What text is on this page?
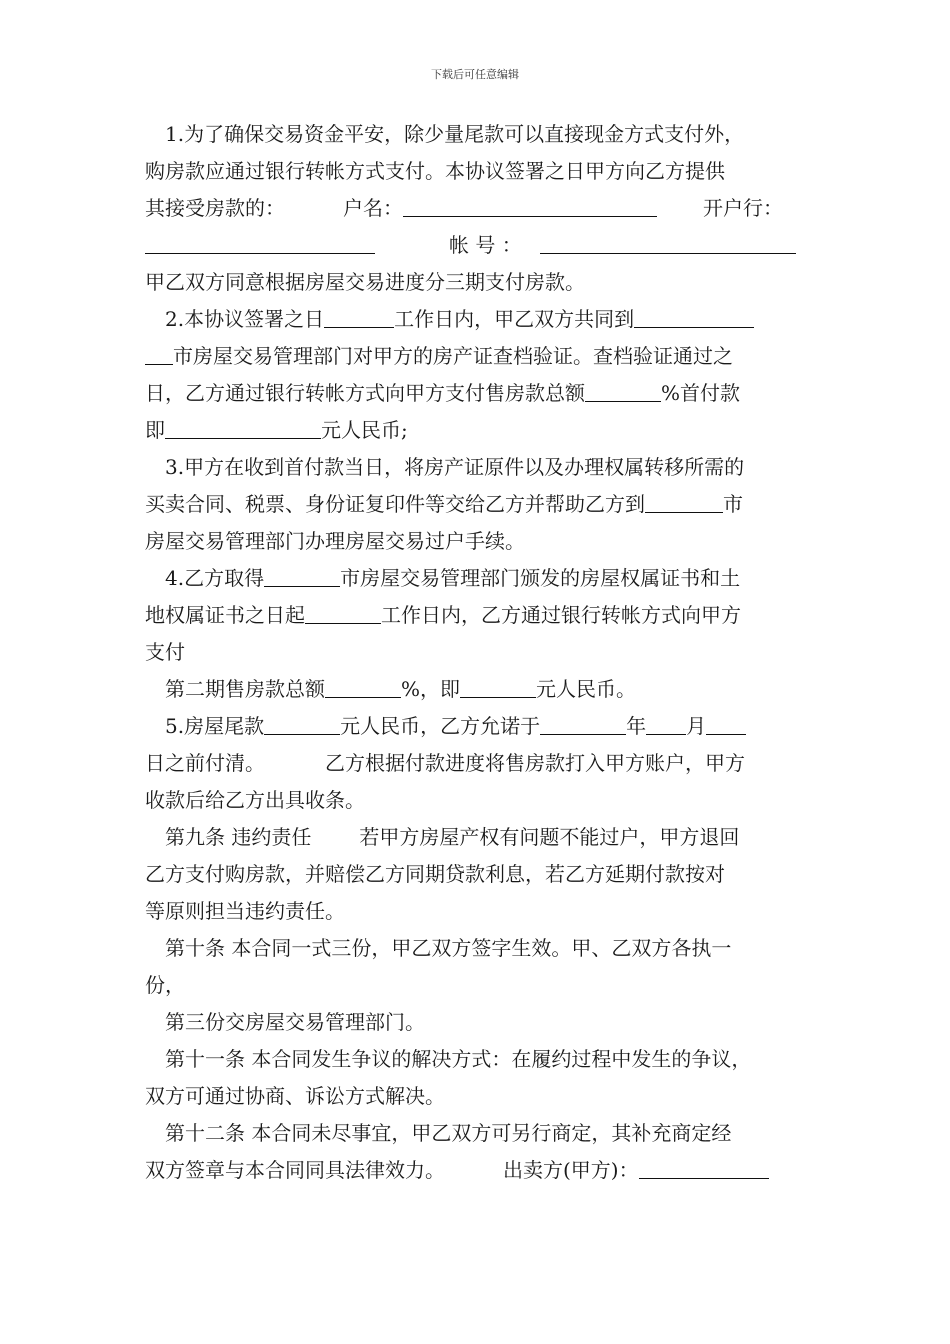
下载后可任意编辑
1.为了确保交易资金平安，除少量尾款可以直接现金方式支付外，
购房款应通过银行转帐方式支付。本协议签署之日甲方向乙方提供
其接受房款的：	户名：	开户行：
帐 号 ：
甲乙双方同意根据房屋交易进度分三期支付房款。
2.本协议签署之日	工作日内，甲乙双方共同到
市房屋交易管理部门对甲方的房产证查档验证。查档验证通过之
日，乙方通过银行转帐方式向甲方支付售房款总额	%首付款
即	元人民币;
3.甲方在收到首付款当日，将房产证原件以及办理权属转移所需的
买卖合同、税票、身份证复印件等交给乙方并帮助乙方到	市
房屋交易管理部门办理房屋交易过户手续。
4.乙方取得	市房屋交易管理部门颁发的房屋权属证书和土
地权属证书之日起	工作日内，乙方通过银行转帐方式向甲方
支付
第二期售房款总额	%，即	元人民币。
5.房屋尾款	元人民币，乙方允诺于	年 月
日之前付清。	乙方根据付款进度将售房款打入甲方账户，甲方
收款后给乙方出具收条。
第九条 违约责任 若甲方房屋产权有问题不能过户，甲方退回
乙方支付购房款，并赔偿乙方同期贷款利息，若乙方延期付款按对
等原则担当违约责任。
第十条 本合同一式三份，甲乙双方签字生效。甲、乙双方各执一
份，
第三份交房屋交易管理部门。
第十一条 本合同发生争议的解决方式：在履约过程中发生的争议，
双方可通过协商、诉讼方式解决。
第十二条 本合同未尽事宜，甲乙双方可另行商定，其补充商定经
双方签章与本合同同具法律效力。	出卖方(甲方)：
